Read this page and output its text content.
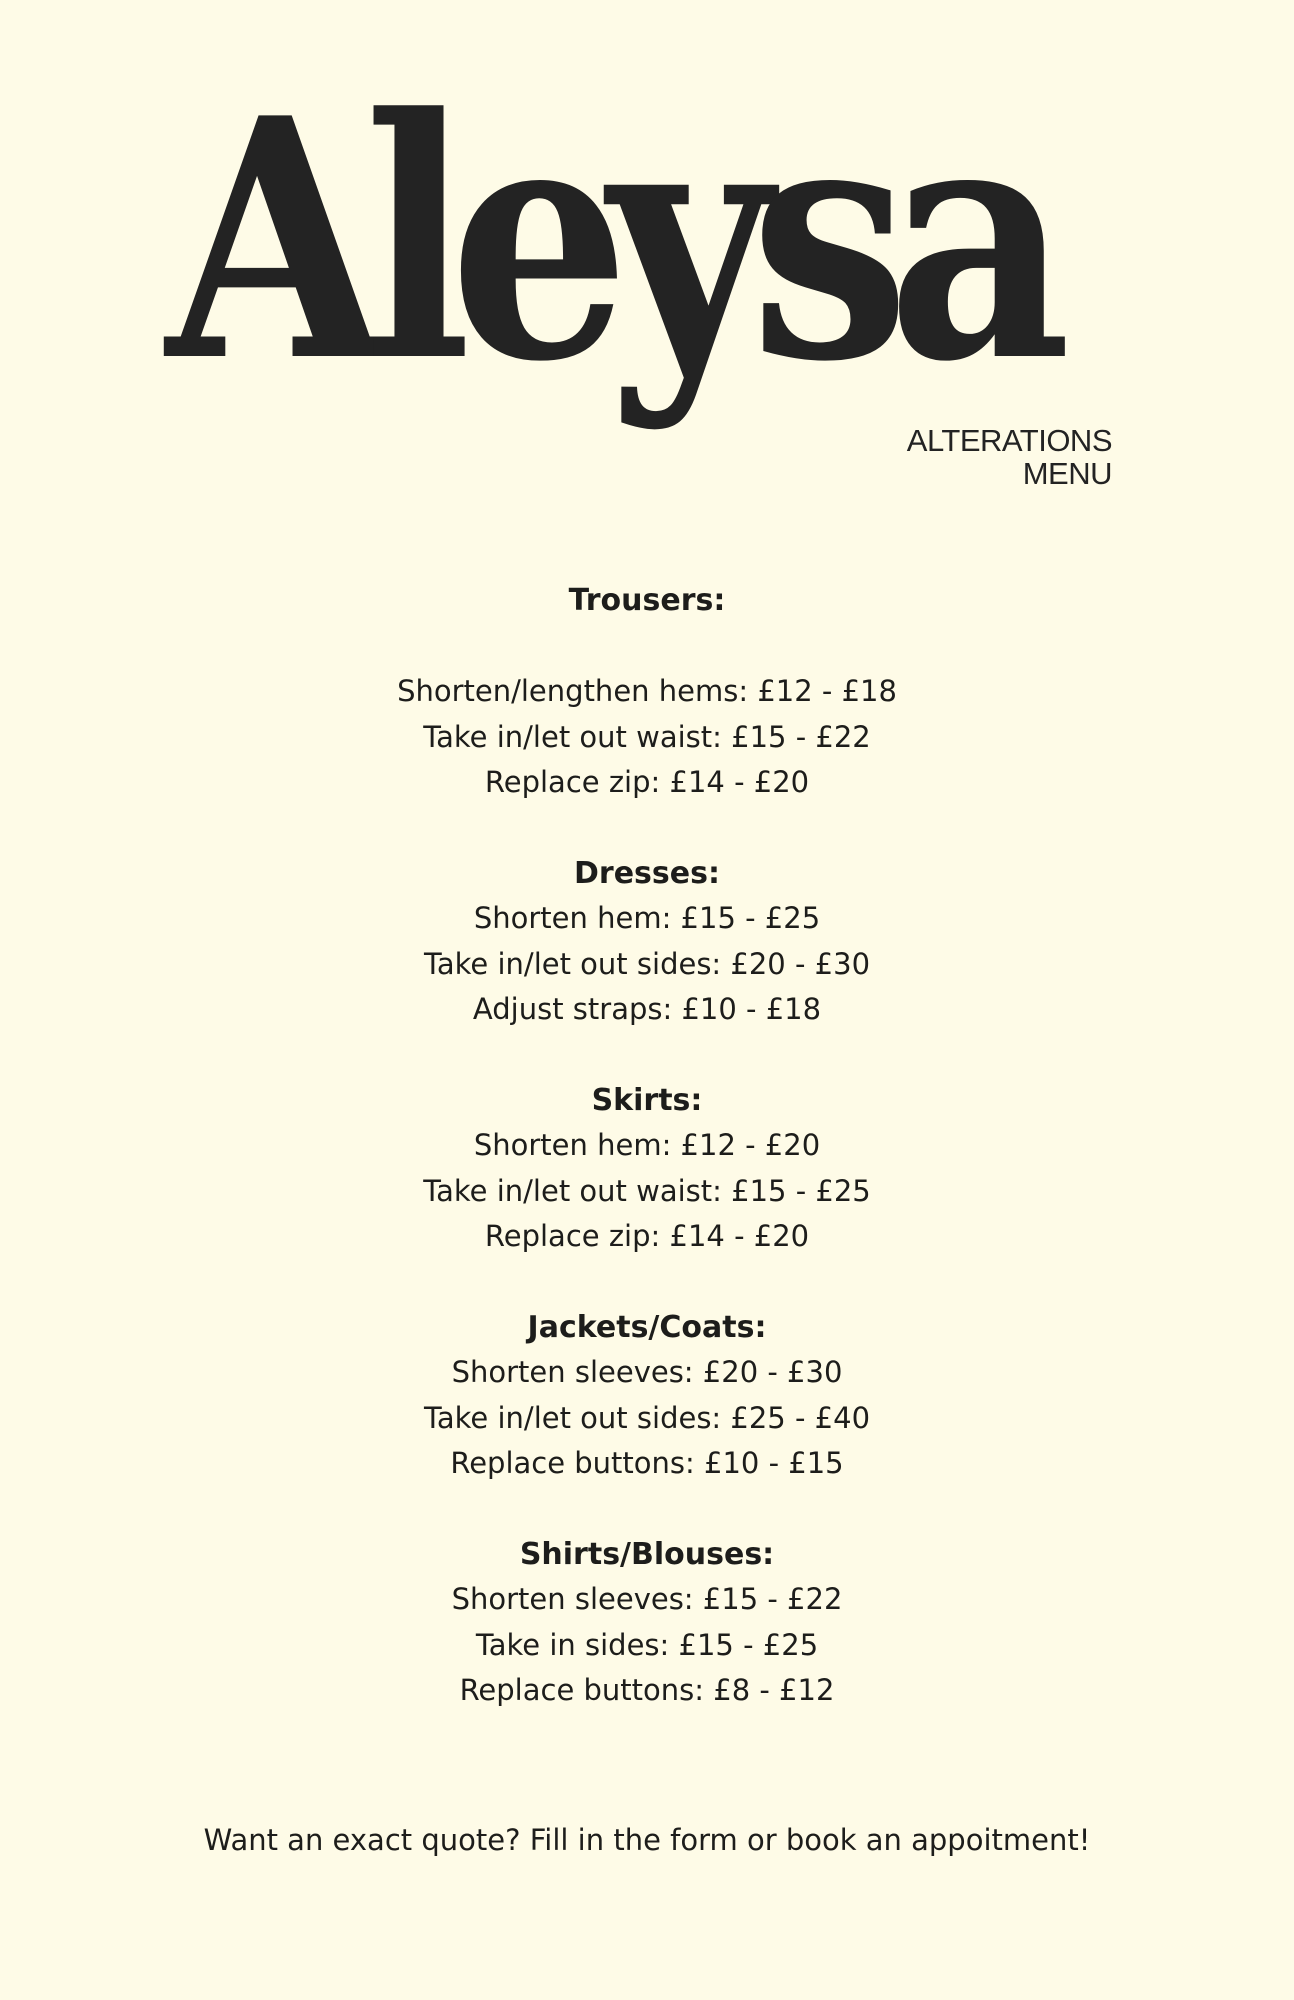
Aleysa
ALTERATIONS
MENU

Trousers:

Shorten/lengthen hems: £12 - £18

Take in/let out waist: £15 - £22

Replace zip: £14 - £20

Dresses:

Shorten hem: £15 - £25

Take in/let out sides: £20 - £30

Adjust straps: £10 - £18

Skirts:

Shorten hem: £12 - £20

Take in/let out waist: £15 - £25

Replace zip: £14 - £20

Jackets/Coats:

Shorten sleeves: £20 - £30

Take in/let out sides: £25 - £40

Replace buttons: £10 - £15

Shirts/Blouses:

Shorten sleeves: £15 - £22

Take in sides: £15 - £25

Replace buttons: £8 - £12

Want an exact quote? Fill in the form or book an appoitment!
